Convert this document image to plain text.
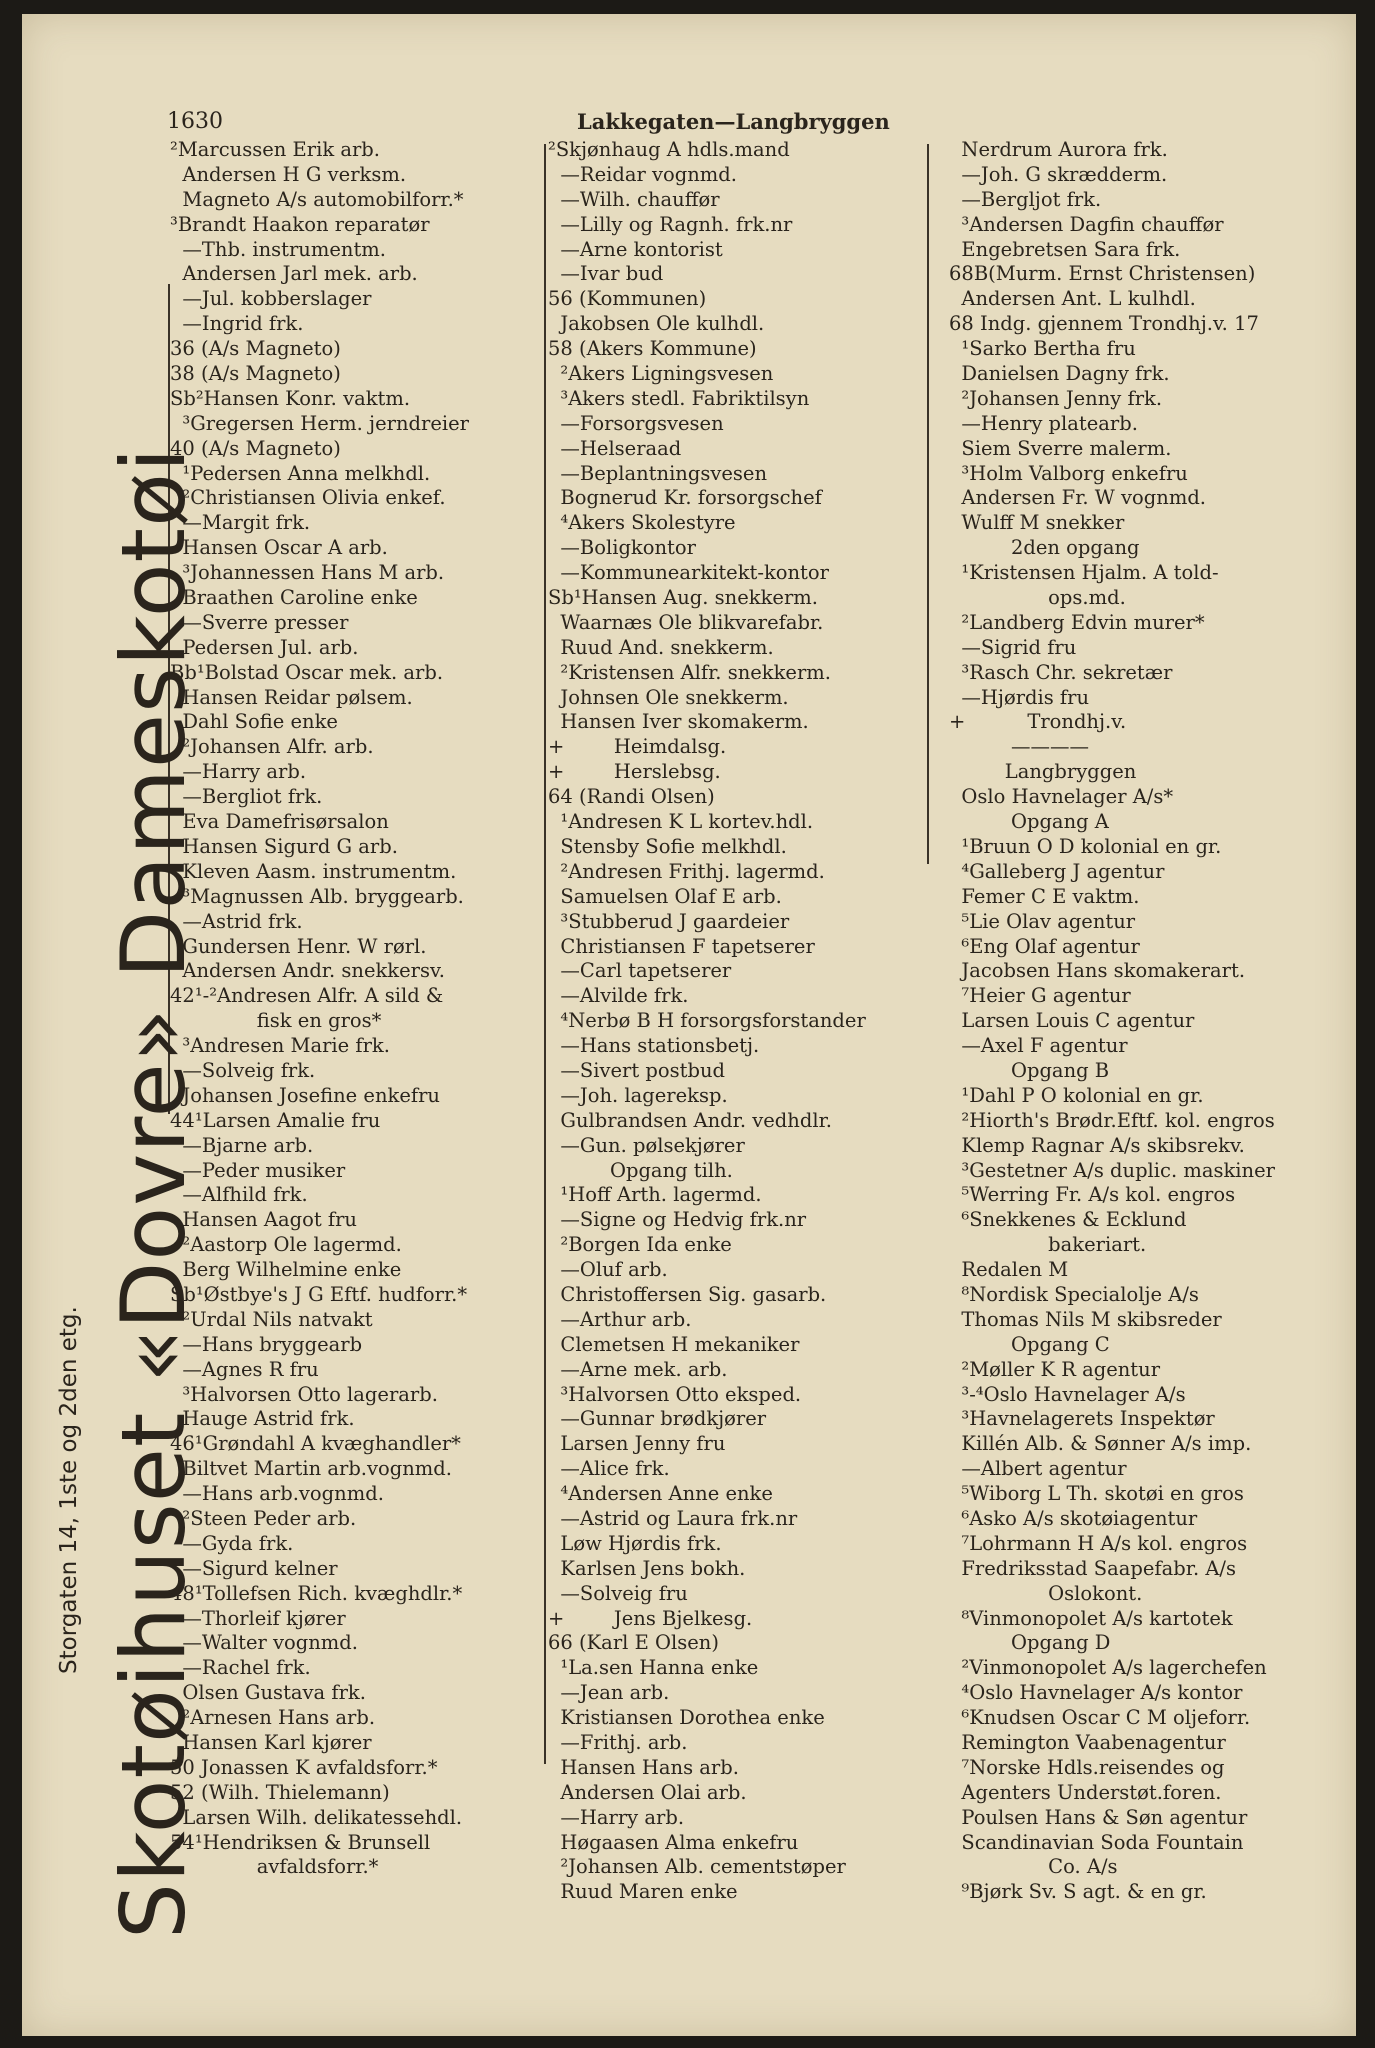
1630	Lakkegaten—Langbryggen
Skotøihuset «Dovre» Dameskotøi
Storgaten 14, 1ste og 2den etg.
²Marcussen Erik arb.
Andersen H G verksm.
Magneto A/s automobilforr.*
³Brandt Haakon reparatør
—Thb. instrumentm.
Andersen Jarl mek. arb.
—Jul. kobberslager
—Ingrid frk.
36 (A/s Magneto)
38 (A/s Magneto)
Sb²Hansen Konr. vaktm.
³Gregersen Herm. jerndreier
40 (A/s Magneto)
¹Pedersen Anna melkhdl.
²Christiansen Olivia enkef.
—Margit frk.
Hansen Oscar A arb.
³Johannessen Hans M arb.
Braathen Caroline enke
—Sverre presser
Pedersen Jul. arb.
Bb¹Bolstad Oscar mek. arb.
Hansen Reidar pølsem.
Dahl Sofie enke
²Johansen Alfr. arb.
—Harry arb.
—Bergliot frk.
Eva Damefrisørsalon
Hansen Sigurd G arb.
Kleven Aasm. instrumentm.
³Magnussen Alb. bryggearb.
—Astrid frk.
Gundersen Henr. W rørl.
Andersen Andr. snekkersv.
42¹-²Andresen Alfr. A sild &
fisk en gros*
³Andresen Marie frk.
—Solveig frk.
Johansen Josefine enkefru
44¹Larsen Amalie fru
—Bjarne arb.
—Peder musiker
—Alfhild frk.
Hansen Aagot fru
²Aastorp Ole lagermd.
Berg Wilhelmine enke
Sb¹Østbye's J G Eftf. hudforr.*
²Urdal Nils natvakt
—Hans bryggearb
—Agnes R fru
³Halvorsen Otto lagerarb.
Hauge Astrid frk.
46¹Grøndahl A kvæghandler*
Biltvet Martin arb.vognmd.
—Hans arb.vognmd.
²Steen Peder arb.
—Gyda frk.
—Sigurd kelner
48¹Tollefsen Rich. kvæghdlr.*
—Thorleif kjører
—Walter vognmd.
—Rachel frk.
Olsen Gustava frk.
²Arnesen Hans arb.
Hansen Karl kjører
50 Jonassen K avfaldsforr.*
52 (Wilh. Thielemann)
Larsen Wilh. delikatessehdl.
54¹Hendriksen & Brunsell
avfaldsforr.*
²Skjønhaug A hdls.mand
—Reidar vognmd.
—Wilh. chauffør
—Lilly og Ragnh. frk.nr
—Arne kontorist
—Ivar bud
56 (Kommunen)
Jakobsen Ole kulhdl.
58 (Akers Kommune)
²Akers Ligningsvesen
³Akers stedl. Fabriktilsyn
—Forsorgsvesen
—Helseraad
—Beplantningsvesen
Bognerud Kr. forsorgschef
⁴Akers Skolestyre
—Boligkontor
—Kommunearkitekt-kontor
Sb¹Hansen Aug. snekkerm.
Waarnæs Ole blikvarefabr.
Ruud And. snekkerm.
²Kristensen Alfr. snekkerm.
Johnsen Ole snekkerm.
Hansen Iver skomakerm.
+        Heimdalsg.
+        Herslebsg.
64 (Randi Olsen)
¹Andresen K L kortev.hdl.
Stensby Sofie melkhdl.
²Andresen Frithj. lagermd.
Samuelsen Olaf E arb.
³Stubberud J gaardeier
Christiansen F tapetserer
—Carl tapetserer
—Alvilde frk.
⁴Nerbø B H forsorgsforstander
—Hans stationsbetj.
—Sivert postbud
—Joh. lagereksp.
Gulbrandsen Andr. vedhdlr.
—Gun. pølsekjører
Opgang tilh.
¹Hoff Arth. lagermd.
—Signe og Hedvig frk.nr
²Borgen Ida enke
—Oluf arb.
Christoffersen Sig. gasarb.
—Arthur arb.
Clemetsen H mekaniker
—Arne mek. arb.
³Halvorsen Otto eksped.
—Gunnar brødkjører
Larsen Jenny fru
—Alice frk.
⁴Andersen Anne enke
—Astrid og Laura frk.nr
Løw Hjørdis frk.
Karlsen Jens bokh.
—Solveig fru
+        Jens Bjelkesg.
66 (Karl E Olsen)
¹La.sen Hanna enke
—Jean arb.
Kristiansen Dorothea enke
—Frithj. arb.
Hansen Hans arb.
Andersen Olai arb.
—Harry arb.
Høgaasen Alma enkefru
²Johansen Alb. cementstøper
Ruud Maren enke
Nerdrum Aurora frk.
—Joh. G skrædderm.
—Bergljot frk.
³Andersen Dagfin chauffør
Engebretsen Sara frk.
68B(Murm. Ernst Christensen)
Andersen Ant. L kulhdl.
68 Indg. gjennem Trondhj.v. 17
¹Sarko Bertha fru
Danielsen Dagny frk.
²Johansen Jenny frk.
—Henry platearb.
Siem Sverre malerm.
³Holm Valborg enkefru
Andersen Fr. W vognmd.
Wulff M snekker
2den opgang
¹Kristensen Hjalm. A told-
ops.md.
²Landberg Edvin murer*
—Sigrid fru
³Rasch Chr. sekretær
—Hjørdis fru
+          Trondhj.v.
————
Langbryggen
Oslo Havnelager A/s*
Opgang A
¹Bruun O D kolonial en gr.
⁴Galleberg J agentur
Femer C E vaktm.
⁵Lie Olav agentur
⁶Eng Olaf agentur
Jacobsen Hans skomakerart.
⁷Heier G agentur
Larsen Louis C agentur
—Axel F agentur
Opgang B
¹Dahl P O kolonial en gr.
²Hiorth's Brødr.Eftf. kol. engros
Klemp Ragnar A/s skibsrekv.
³Gestetner A/s duplic. maskiner
⁵Werring Fr. A/s kol. engros
⁶Snekkenes & Ecklund
bakeriart.
Redalen M
⁸Nordisk Specialolje A/s
Thomas Nils M skibsreder
Opgang C
²Møller K R agentur
³-⁴Oslo Havnelager A/s
³Havnelagerets Inspektør
Killén Alb. & Sønner A/s imp.
—Albert agentur
⁵Wiborg L Th. skotøi en gros
⁶Asko A/s skotøiagentur
⁷Lohrmann H A/s kol. engros
Fredriksstad Saapefabr. A/s
Oslokont.
⁸Vinmonopolet A/s kartotek
Opgang D
²Vinmonopolet A/s lagerchefen
⁴Oslo Havnelager A/s kontor
⁶Knudsen Oscar C M oljeforr.
Remington Vaabenagentur
⁷Norske Hdls.reisendes og
Agenters Understøt.foren.
Poulsen Hans & Søn agentur
Scandinavian Soda Fountain
Co. A/s
⁹Bjørk Sv. S agt. & en gr.
